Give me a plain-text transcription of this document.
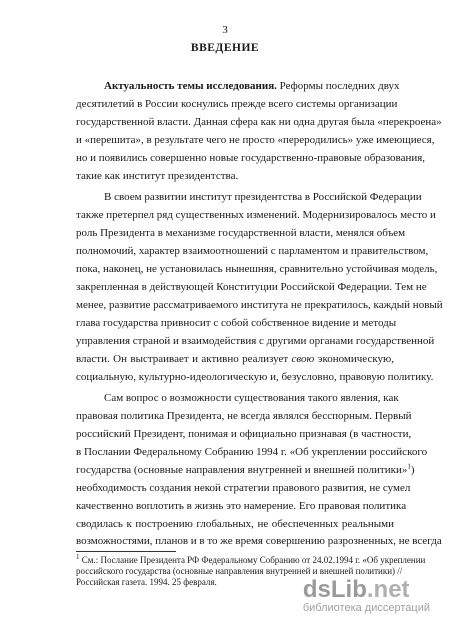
3
ВВЕДЕНИЕ
Актуальность темы исследования. Реформы последних двух
десятилетий в России коснулись прежде всего системы организации
государственной власти. Данная сфера как ни одна другая была «перекроена»
и «перешита», в результате чего не просто «переродились» уже имеющиеся,
но и появились совершенно новые государственно-правовые образования,
такие как институт президентства.
В своем развитии институт президентства в Российской Федерации
также претерпел ряд существенных изменений. Модернизировалось место и
роль Президента в механизме государственной власти, менялся объем
полномочий, характер взаимоотношений с парламентом и правительством,
пока, наконец, не установилась нынешняя, сравнительно устойчивая модель,
закрепленная в действующей Конституции Российской Федерации. Тем не
менее, развитие рассматриваемого института не прекратилось, каждый новый
глава государства привносит с собой собственное видение и методы
управления страной и взаимодействия с другими органами государственной
власти. Он выстраивает и активно реализует свою экономическую,
социальную, культурно-идеологическую и, безусловно, правовую политику.
Сам вопрос о возможности существования такого явления, как
правовая политика Президента, не всегда являлся бесспорным. Первый
российский Президент, понимая и официально признавая (в частности,
в Послании Федеральному Собранию 1994 г. «Об укреплении российского
государства (основные направления внутренней и внешней политики»$^1$)
необходимость создания некой стратегии правового развития, не сумел
качественно воплотить в жизнь это намерение. Его правовая политика
сводилась к построению глобальных, не обеспеченных реальными
возможностями, планов и в то же время совершению разрозненных, не всегда
$^1$ См.: Послание Президента РФ Федеральному Собранию от 24.02.1994 г. «Об укреплении
российского государства (основные направления внутренней и внешней политики) //
Российская газета. 1994. 25 февраля.	dsLib.net
библиотека диссертаций
